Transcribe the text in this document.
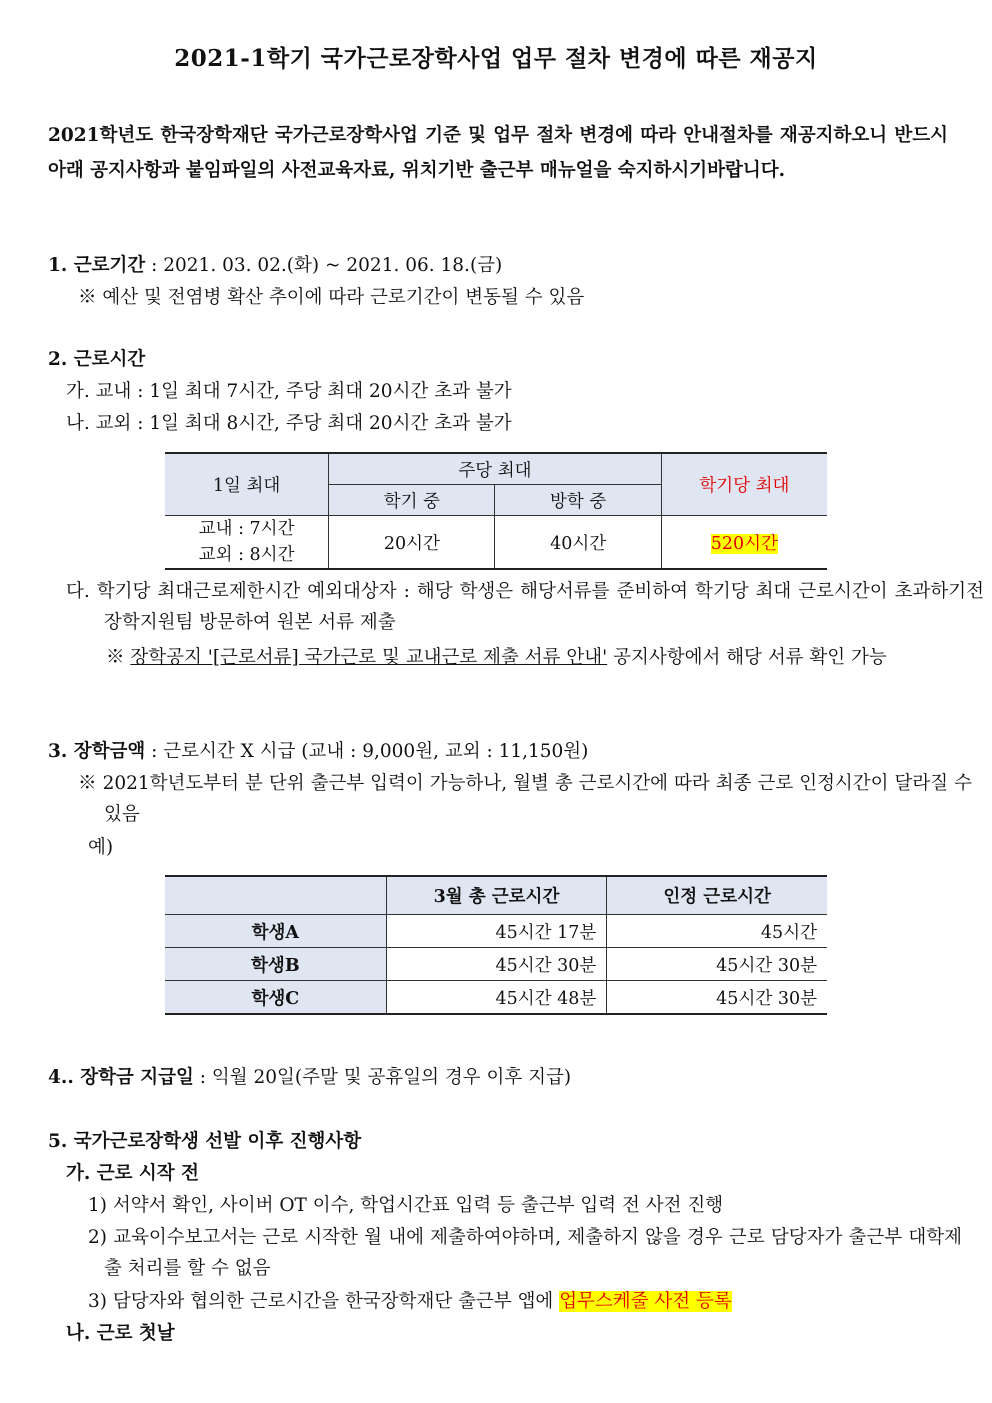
2021-1학기 국가근로장학사업 업무 절차 변경에 따른 재공지
2021학년도 한국장학재단 국가근로장학사업 기준 및 업무 절차 변경에 따라 안내절차를 재공지하오니 반드시 아래 공지사항과 붙임파일의 사전교육자료, 위치기반 출근부 매뉴얼을 숙지하시기바랍니다.
1. 근로기간 : 2021. 03. 02.(화) ~ 2021. 06. 18.(금)
※ 예산 및 전염병 확산 추이에 따라 근로기간이 변동될 수 있음
2. 근로시간
가. 교내 : 1일 최대 7시간, 주당 최대 20시간 초과 불가
나. 교외 : 1일 최대 8시간, 주당 최대 20시간 초과 불가
1일 최대	주당 최대		학기당 최대
	학기 중	방학 중	

교내 : 7시간
교외 : 8시간	20시간	40시간	520시간
다. 학기당 최대근로제한시간 예외대상자 : 해당 학생은 해당서류를 준비하여 학기당 최대 근로시간이 초과하기전 장학지원팀 방문하여 원본 서류 제출
※ 장학공지 '[근로서류] 국가근로 및 교내근로 제출 서류 안내' 공지사항에서 해당 서류 확인 가능
3. 장학금액 : 근로시간 X 시급 (교내 : 9,000원, 교외 : 11,150원)
※ 2021학년도부터 분 단위 출근부 입력이 가능하나, 월별 총 근로시간에 따라 최종 근로 인정시간이 달라질 수 있음
예)
	3월 총 근로시간	인정 근로시간
학생A	45시간 17분	45시간
학생B	45시간 30분	45시간 30분
학생C	45시간 48분	45시간 30분
4.. 장학금 지급일 : 익월 20일(주말 및 공휴일의 경우 이후 지급)
5. 국가근로장학생 선발 이후 진행사항
가. 근로 시작 전
1) 서약서 확인, 사이버 OT 이수, 학업시간표 입력 등 출근부 입력 전 사전 진행
2) 교육이수보고서는 근로 시작한 월 내에 제출하여야하며, 제출하지 않을 경우 근로 담당자가 출근부 대학제출 처리를 할 수 없음
3) 담당자와 협의한 근로시간을 한국장학재단 출근부 앱에 업무스케줄 사전 등록
나. 근로 첫날
